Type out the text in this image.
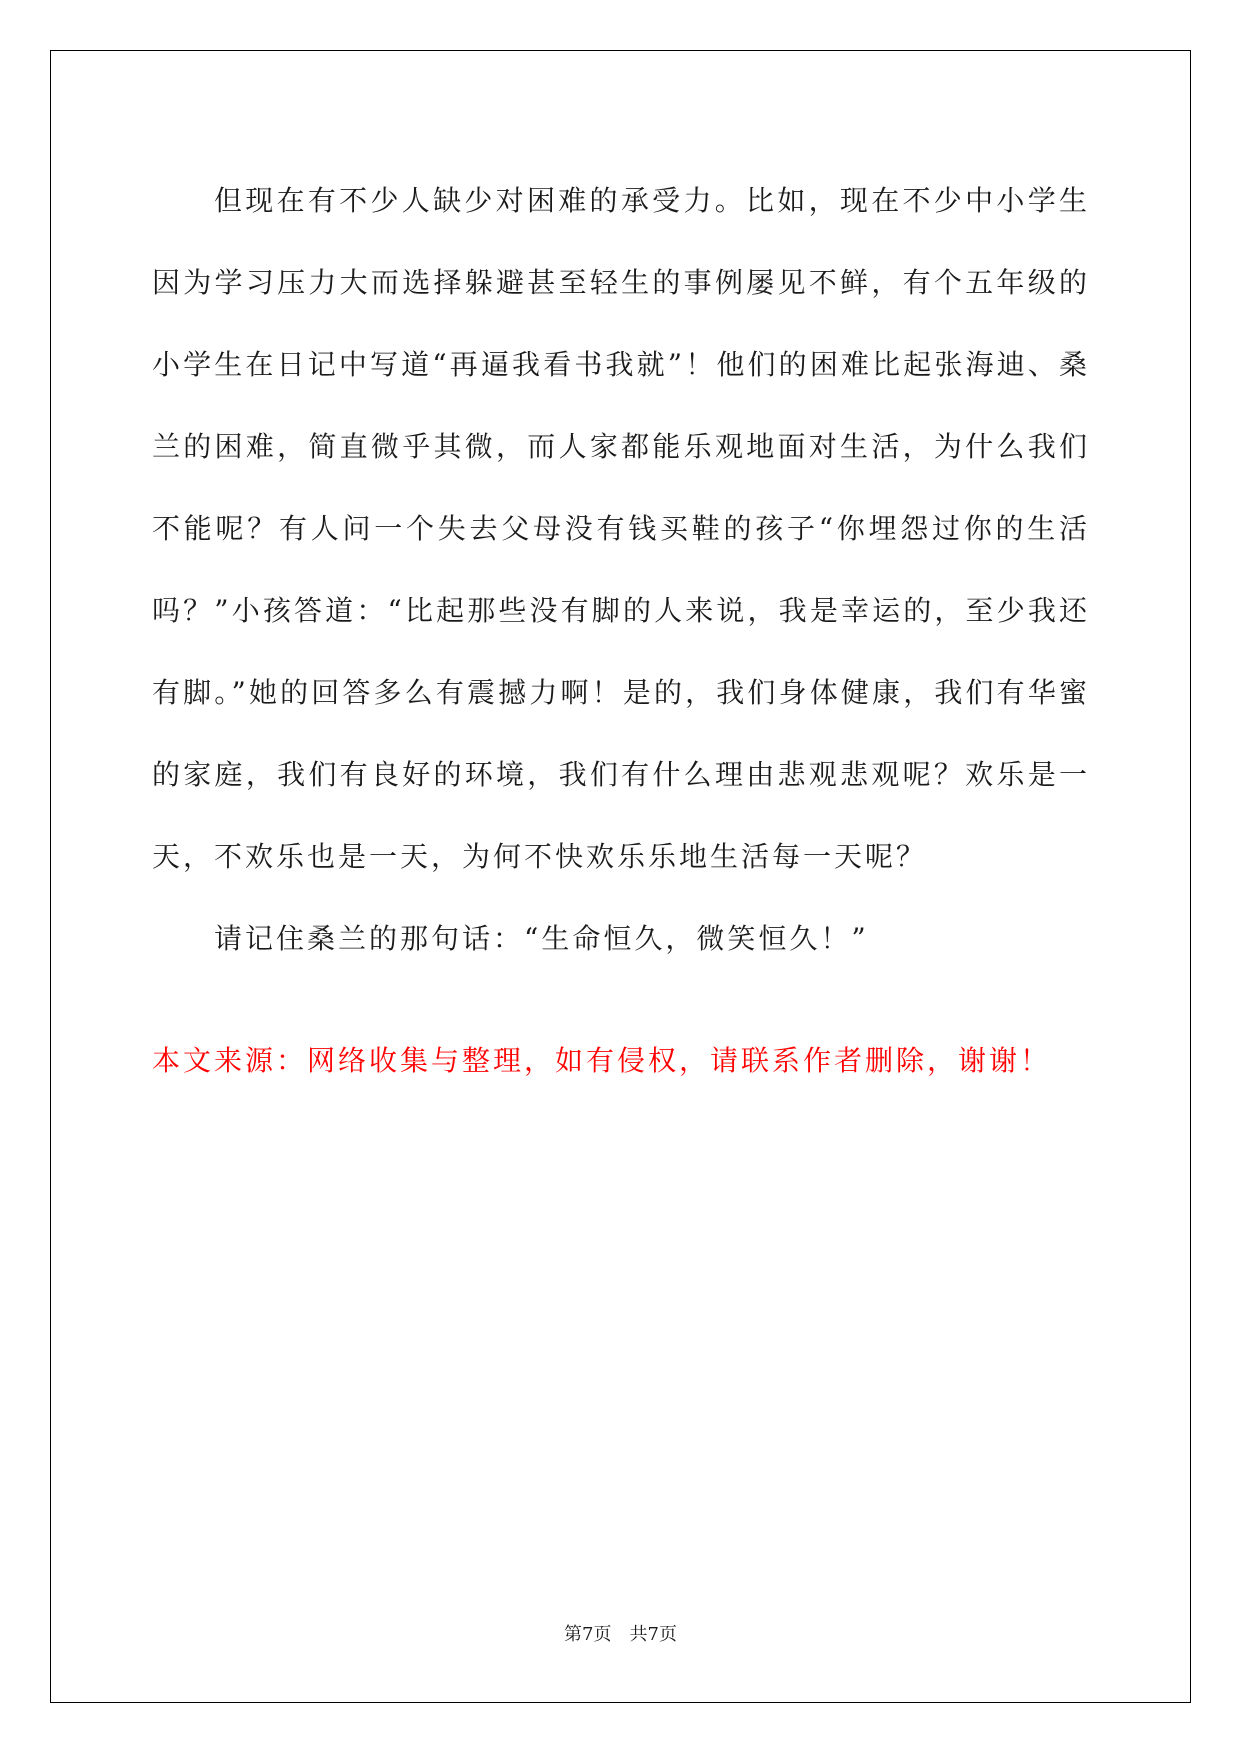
但现在有不少人缺少对困难的承受力。比如，现在不少中小学生因为学习压力大而选择躲避甚至轻生的事例屡见不鲜，有个五年级的小学生在日记中写道“再逼我看书我就”！他们的困难比起张海迪、桑兰的困难，简直微乎其微，而人家都能乐观地面对生活，为什么我们不能呢？有人问一个失去父母没有钱买鞋的孩子“你埋怨过你的生活吗？”小孩答道：“比起那些没有脚的人来说，我是幸运的，至少我还有脚。”她的回答多么有震撼力啊！是的，我们身体健康，我们有华蜜的家庭，我们有良好的环境，我们有什么理由悲观悲观呢？欢乐是一天，不欢乐也是一天，为何不快欢乐乐地生活每一天呢？

请记住桑兰的那句话：“生命恒久，微笑恒久！”

本文来源：网络收集与整理，如有侵权，请联系作者删除，谢谢！

第7页　共7页
